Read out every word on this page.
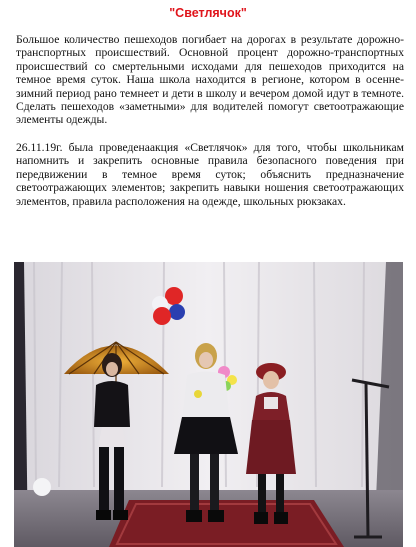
"Светлячок"

Большое количество пешеходов погибает на дорогах в результате дорожно-транспортных происшествий. Основной процент дорожно-транспортных происшествий со смертельными исходами для пешеходов приходится на темное время суток. Наша школа находится в регионе, котором в осенне-зимний период рано темнеет и дети в школу и вечером домой идут в темноте. Сделать пешеходов «заметными» для водителей помогут светоотражающие элементы одежды.

26.11.19г. была проведенаакция «Светлячок» для того, чтобы школьникам напомнить и закрепить основные правила безопасного поведения при передвижении в темное время суток; объяснить предназначение светоотражающих элементов; закрепить навыки ношения светоотражающих элементов, правила расположения на одежде, школьных рюкзаках.
